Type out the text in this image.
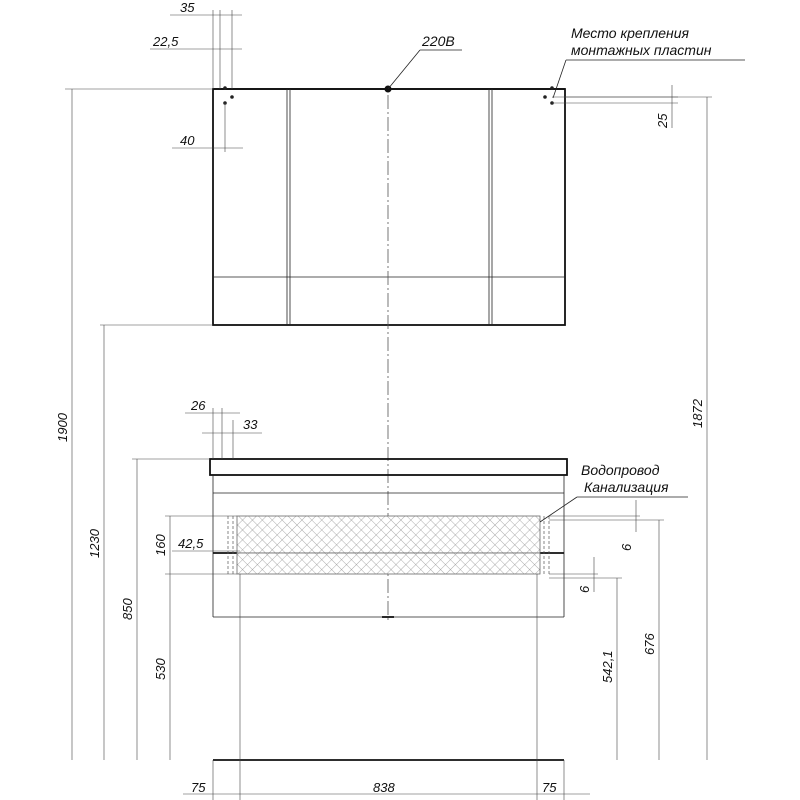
220В	Место крепления
монтажных пластин
Водопровод
Канализация
35
22,5
40
25
1900
1230
850
530
160 42,5
26
33	1872
676
542,1
6
6
75	838	75
